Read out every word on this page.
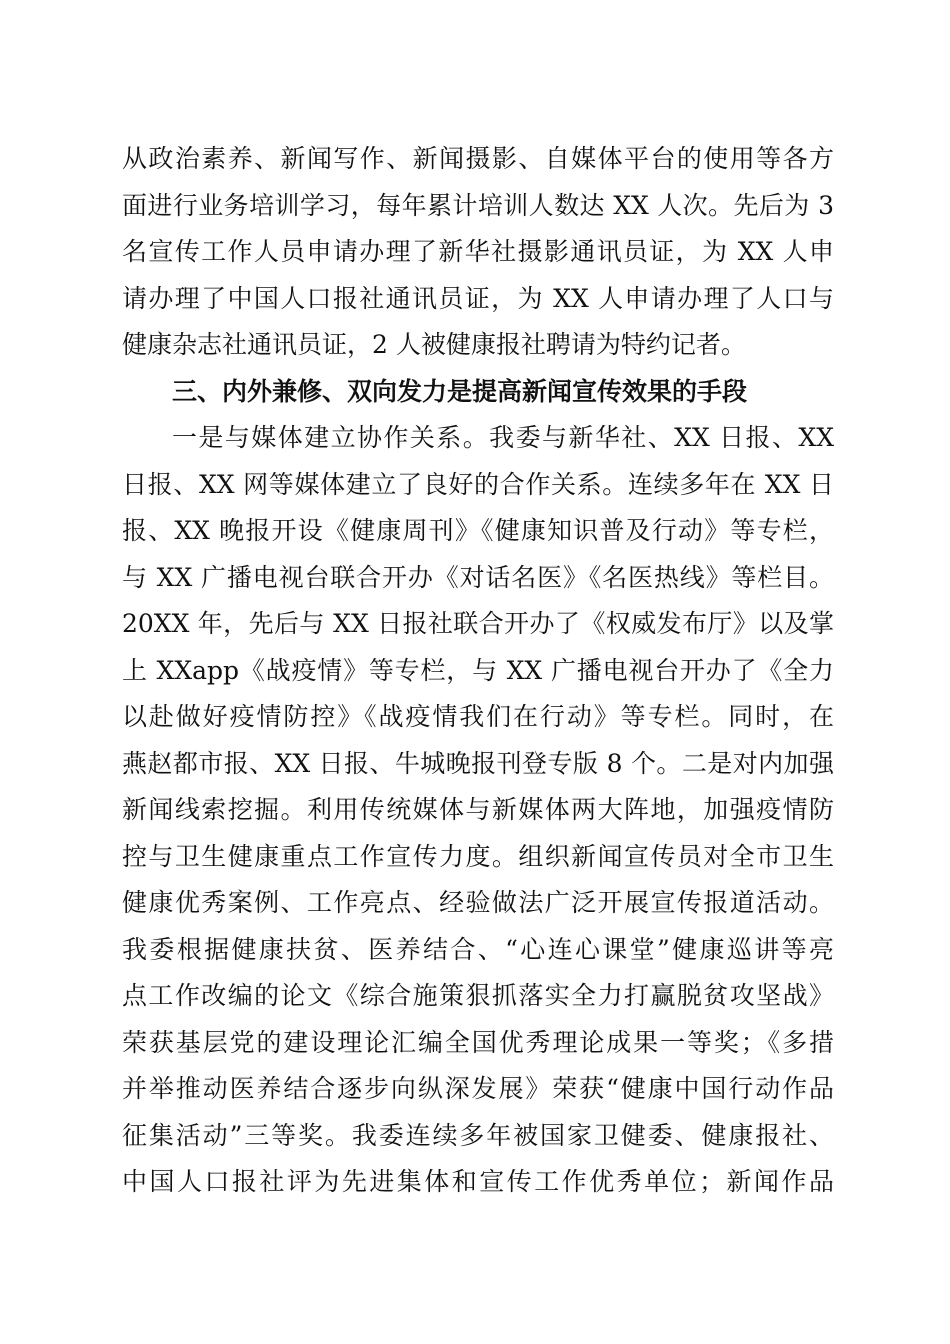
从政治素养、新闻写作、新闻摄影、自媒体平台的使用等各方
面进行业务培训学习，每年累计培训人数达 XX 人次。先后为 3
名宣传工作人员申请办理了新华社摄影通讯员证，为 XX 人申
请办理了中国人口报社通讯员证，为 XX 人申请办理了人口与
健康杂志社通讯员证，2 人被健康报社聘请为特约记者。
三、内外兼修、双向发力是提高新闻宣传效果的手段
一是与媒体建立协作关系。我委与新华社、XX 日报、XX
日报、XX 网等媒体建立了良好的合作关系。连续多年在 XX 日
报、XX 晚报开设《健康周刊》《健康知识普及行动》等专栏，
与 XX 广播电视台联合开办《对话名医》《名医热线》等栏目。
20XX 年，先后与 XX 日报社联合开办了《权威发布厅》以及掌
上 XXapp《战疫情》等专栏，与 XX 广播电视台开办了《全力
以赴做好疫情防控》《战疫情我们在行动》等专栏。同时，在
燕赵都市报、XX 日报、牛城晚报刊登专版 8 个。二是对内加强
新闻线索挖掘。利用传统媒体与新媒体两大阵地，加强疫情防
控与卫生健康重点工作宣传力度。组织新闻宣传员对全市卫生
健康优秀案例、工作亮点、经验做法广泛开展宣传报道活动。
我委根据健康扶贫、医养结合、“心连心课堂”健康巡讲等亮
点工作改编的论文《综合施策狠抓落实全力打赢脱贫攻坚战》
荣获基层党的建设理论汇编全国优秀理论成果一等奖；《多措
并举推动医养结合逐步向纵深发展》荣获“健康中国行动作品
征集活动”三等奖。我委连续多年被国家卫健委、健康报社、
中国人口报社评为先进集体和宣传工作优秀单位；新闻作品
